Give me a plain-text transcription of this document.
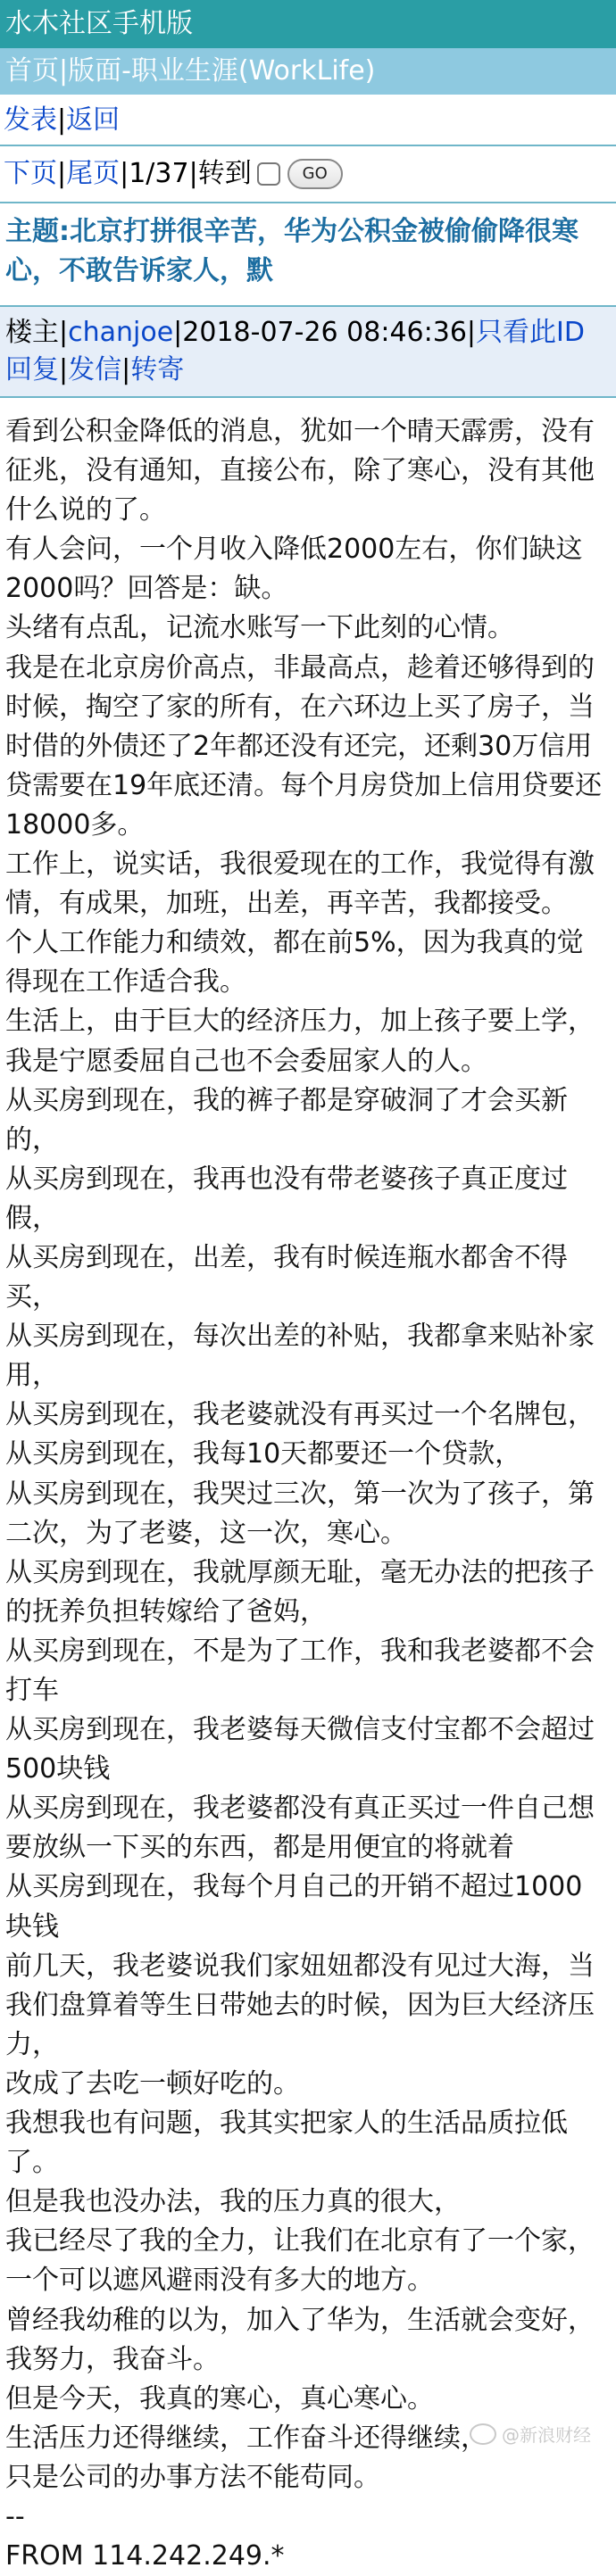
水木社区手机版
首页|版面-职业生涯(WorkLife)
发表|返回
下页 | 尾页 | 1/37 | 转到	GO
主题:北京打拼很辛苦，华为公积金被偷偷降很寒心，不敢告诉家人，默
楼主|chanjoe|2018-07-26 08:46:36|只看此ID
回复|发信|转寄

看到公积金降低的消息，犹如一个晴天霹雳，没有征兆，没有通知，直接公布，除了寒心，没有其他什么说的了。

有人会问，一个月收入降低2000左右，你们缺这2000吗？回答是：缺。

头绪有点乱，记流水账写一下此刻的心情。

我是在北京房价高点，非最高点，趁着还够得到的时候，掏空了家的所有，在六环边上买了房子，当时借的外债还了2年都还没有还完，还剩30万信用贷需要在19年底还清。每个月房贷加上信用贷要还18000多。

工作上，说实话，我很爱现在的工作，我觉得有激情，有成果，加班，出差，再辛苦，我都接受。

个人工作能力和绩效，都在前5%，因为我真的觉得现在工作适合我。

生活上，由于巨大的经济压力，加上孩子要上学，我是宁愿委屈自己也不会委屈家人的人。

从买房到现在，我的裤子都是穿破洞了才会买新的，

从买房到现在，我再也没有带老婆孩子真正度过假，

从买房到现在，出差，我有时候连瓶水都舍不得买，

从买房到现在，每次出差的补贴，我都拿来贴补家用，

从买房到现在，我老婆就没有再买过一个名牌包，

从买房到现在，我每10天都要还一个贷款，

从买房到现在，我哭过三次，第一次为了孩子，第二次，为了老婆，这一次，寒心。

从买房到现在，我就厚颜无耻，毫无办法的把孩子的抚养负担转嫁给了爸妈，

从买房到现在，不是为了工作，我和我老婆都不会打车

从买房到现在，我老婆每天微信支付宝都不会超过500块钱

从买房到现在，我老婆都没有真正买过一件自己想要放纵一下买的东西，都是用便宜的将就着

从买房到现在，我每个月自己的开销不超过1000块钱

前几天，我老婆说我们家妞妞都没有见过大海，当我们盘算着等生日带她去的时候，因为巨大经济压力，

改成了去吃一顿好吃的。

我想我也有问题，我其实把家人的生活品质拉低了。

但是我也没办法，我的压力真的很大，

我已经尽了我的全力，让我们在北京有了一个家，一个可以遮风避雨没有多大的地方。

曾经我幼稚的以为，加入了华为，生活就会变好，我努力，我奋斗。

但是今天，我真的寒心，真心寒心。

生活压力还得继续，工作奋斗还得继续，

只是公司的办事方法不能苟同。

--

FROM 114.242.249.*

@新浪财经
